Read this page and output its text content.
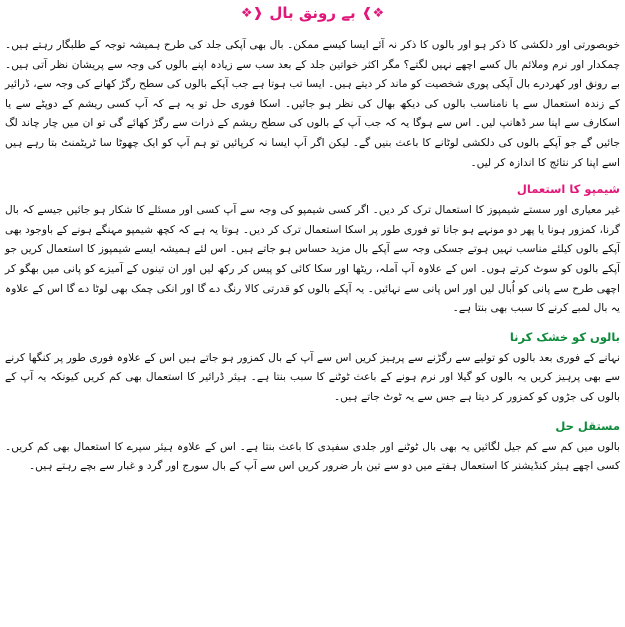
❖❱
بے رونق بال
❰❖

خوبصورتی اور دلکشی کا ذکر ہو اور بالوں کا ذکر نہ آئے ایسا کیسے ممکن۔ بال بھی آپکی جلد کی طرح ہمیشہ توجہ کے طلبگار رہتے ہیں۔ چمکدار اور نرم وملائم بال کسے اچھے نہیں لگتے؟ مگر اکثر خواتین جلد کے بعد سب سے زیادہ اپنے بالوں کی وجہ سے پریشان نظر آتی ہیں۔ بے رونق اور کھردرے بال آپکی پوری شخصیت کو ماند کر دیتے ہیں۔ ایسا تب ہوتا ہے جب آپکے بالوں کی سطح رگڑ کھانے کی وجہ سے، ڈرائیر کے زندہ استعمال سے یا نامناسب بالوں کی دیکھ بھال کی نظر ہو جائیں۔ اسکا فوری حل تو یہ ہے کہ آپ کسی ریشم کے دوپٹے سے یا اسکارف سے اپنا سر ڈھانپ لیں۔ اس سے ہوگا یہ کہ جب آپ کے بالوں کی سطح ریشم کے ذرات سے رگڑ کھائے گی تو ان میں چار چاند لگ جائیں گے جو آپکے بالوں کی دلکشی لوٹانے کا باعث بنیں گے۔ لیکن اگر آپ ایسا نہ کرپائیں تو ہم آپ کو ایک چھوٹا سا ٹریٹمنٹ بتا رہے ہیں اسے اپنا کر نتائج کا اندازہ کر لیں۔

شیمپو کا استعمال

غیر معیاری اور سستے شیمپوز کا استعمال ترک کر دیں۔ اگر کسی شیمپو کی وجہ سے آپ کسی اور مسئلے کا شکار ہو جائیں جیسے کہ بال گرنا، کمزور ہونا یا پھر دو مونہے ہو جانا تو فوری طور پر اسکا استعمال ترک کر دیں۔ ہوتا یہ ہے کہ کچھ شیمپو مہنگے ہونے کے باوجود بھی آپکے بالوں کیلئے مناسب نہیں ہوتے جسکی وجہ سے آپکے بال مزید حساس ہو جاتے ہیں۔ اس لئے ہمیشہ ایسے شیمپوز کا استعمال کریں جو آپکے بالوں کو سوٹ کرتے ہوں۔ اس کے علاوہ آپ آملہ، ریٹھا اور سکا کائی کو پیس کر رکھ لیں اور ان تینوں کے آمیزے کو پانی میں بھگو کر اچھی طرح سے پانی کو اُبال لیں اور اس پانی سے نہائیں۔ یہ آپکے بالوں کو قدرتی کالا رنگ دے گا اور انکی چمک بھی لوٹا دے گا اس کے علاوہ یہ بال لمبے کرنے کا سبب بھی بنتا ہے۔

بالوں کو خشک کرنا

نہانے کے فوری بعد بالوں کو تولیے سے رگڑنے سے پرہیز کریں اس سے آپ کے بال کمزور ہو جاتے ہیں اس کے علاوہ فوری طور پر کنگھا کرنے سے بھی پرہیز کریں یہ بالوں کو گیلا اور نرم ہونے کے باعث ٹوٹنے کا سبب بنتا ہے۔ ہیئر ڈرائیر کا استعمال بھی کم کریں کیونکہ یہ آپ کے بالوں کی جڑوں کو کمزور کر دیتا ہے جس سے یہ ٹوٹ جاتے ہیں۔

مستقل حل

بالوں میں کم سے کم جیل لگائیں یہ بھی بال ٹوٹنے اور جلدی سفیدی کا باعث بنتا ہے۔ اس کے علاوہ ہیئر سپرے کا استعمال بھی کم کریں۔ کسی اچھے ہیئر کنڈیشنر کا استعمال ہفتے میں دو سے تین بار ضرور کریں اس سے آپ کے بال سورج اور گرد و غبار سے بچے رہتے ہیں۔
